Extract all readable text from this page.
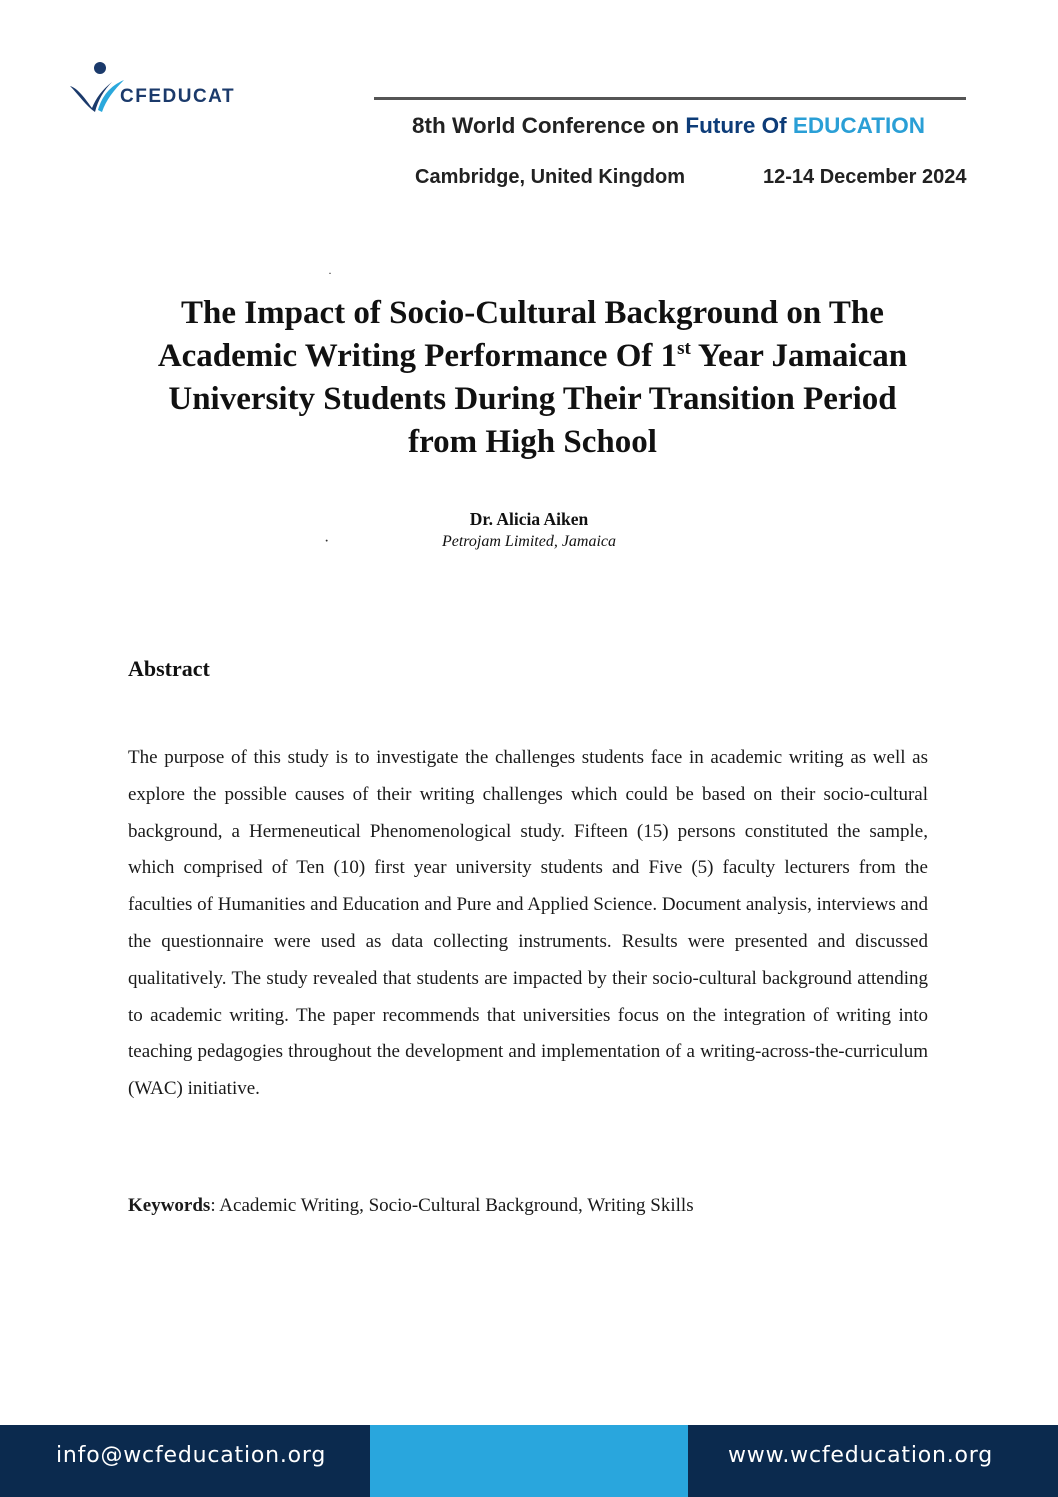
CFEDUCAT
8th World Conference on Future Of EDUCATION
Cambridge, United Kingdom	12-14 December 2024
·
The Impact of Socio-Cultural Background on The Academic Writing Performance Of 1st Year Jamaican University Students During Their Transition Period from High School
Dr. Alicia Aiken
·	Petrojam Limited, Jamaica
Abstract
The purpose of this study is to investigate the challenges students face in academic writing as well as explore the possible causes of their writing challenges which could be based on their socio-cultural background, a Hermeneutical Phenomenological study. Fifteen (15) persons constituted the sample, which comprised of Ten (10) first year university students and Five (5) faculty lecturers from the faculties of Humanities and Education and Pure and Applied Science. Document analysis, interviews and the questionnaire were used as data collecting instruments. Results were presented and discussed qualitatively. The study revealed that students are impacted by their socio-cultural background attending to academic writing. The paper recommends that universities focus on the integration of writing into teaching pedagogies throughout the development and implementation of a writing-across-the-curriculum (WAC) initiative.
Keywords: Academic Writing, Socio-Cultural Background, Writing Skills
info@wcfeducation.org	www.wcfeducation.org
